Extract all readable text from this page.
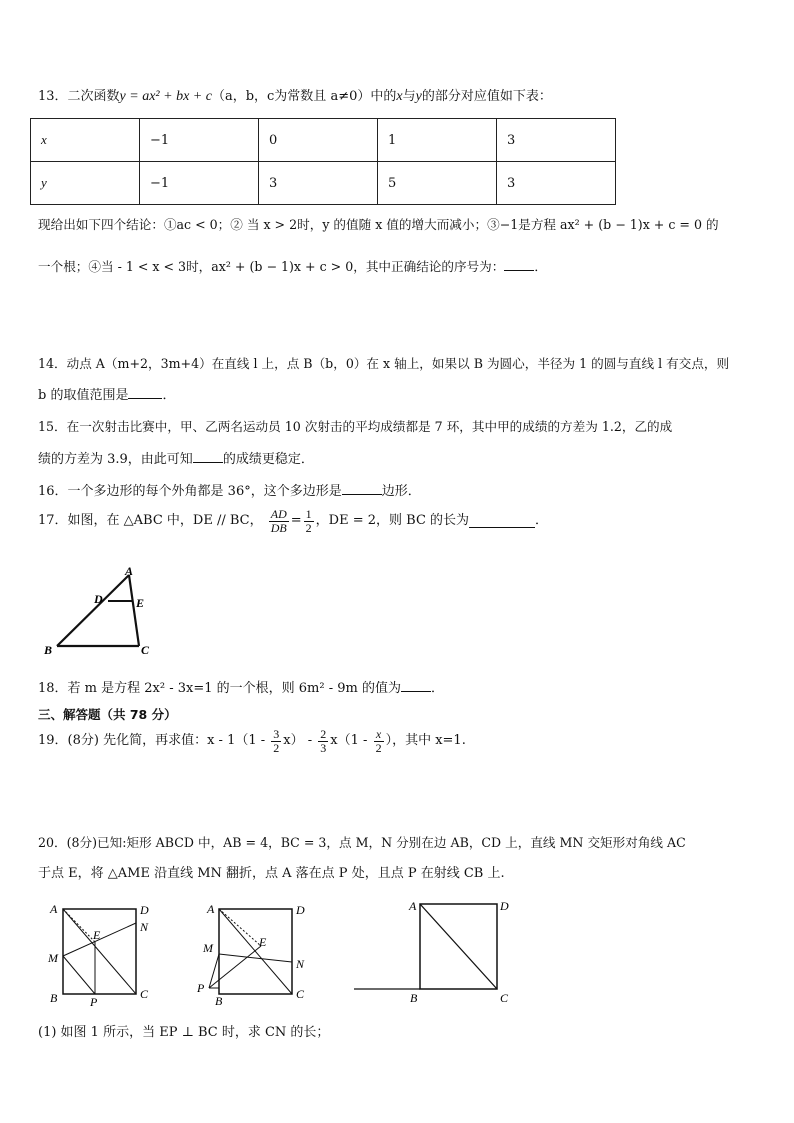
13．二次函数y = ax² + bx + c（a，b，c为常数且 a≠0）中的x与y的部分对应值如下表：
x	−1	0	1	3
y	−1	3	5	3
现给出如下四个结论：①ac < 0；② 当 x > 2时，y 的值随 x 值的增大而减小；③−1是方程 ax² + (b − 1)x + c = 0 的
一个根；④当 - 1 < x < 3时，ax² + (b − 1)x + c > 0，其中正确结论的序号为： ．
14．动点 A（m+2，3m+4）在直线 l 上，点 B（b，0）在 x 轴上，如果以 B 为圆心，半径为 1 的圆与直线 l 有交点，则
b 的取值范围是	．
15．在一次射击比赛中，甲、乙两名运动员 10 次射击的平均成绩都是 7 环，其中甲的成绩的方差为 1.2，乙的成
绩的方差为 3.9，由此可知 的成绩更稳定．
16．一个多边形的每个外角都是 36°，这个多边形是	边形．
17．如图，在 △ABC 中，DE // BC， $\frac{AD}{DB} = \frac{1}{2}$ ，DE = 2，则 BC 的长为	．
A
D	E
B	C
18．若 m 是方程 2x² - 3x=1 的一个根，则 6m² - 9m 的值为 ．
三、解答题（共 78 分）
19．(8分) 先化简，再求值：x - $1(1 - \frac{3}{2} x) - \frac{2}{3} x(1 - \frac{x}{2}$ ），其中 x=1.
20．(8分)已知:矩形 ABCD 中，AB = 4，BC = 3，点 M，N 分别在边 AB，CD 上，直线 MN 交矩形对角线 AC
于点 E，将 △AME 沿直线 MN 翻折，点 A 落在点 P 处，且点 P 在射线 CB 上.
A	D
N
E
M
B	P
C
A	D
N
E
M
P
B	C
A	D
B	C
(1) 如图 1 所示，当 EP ⊥ BC 时，求 CN 的长；
